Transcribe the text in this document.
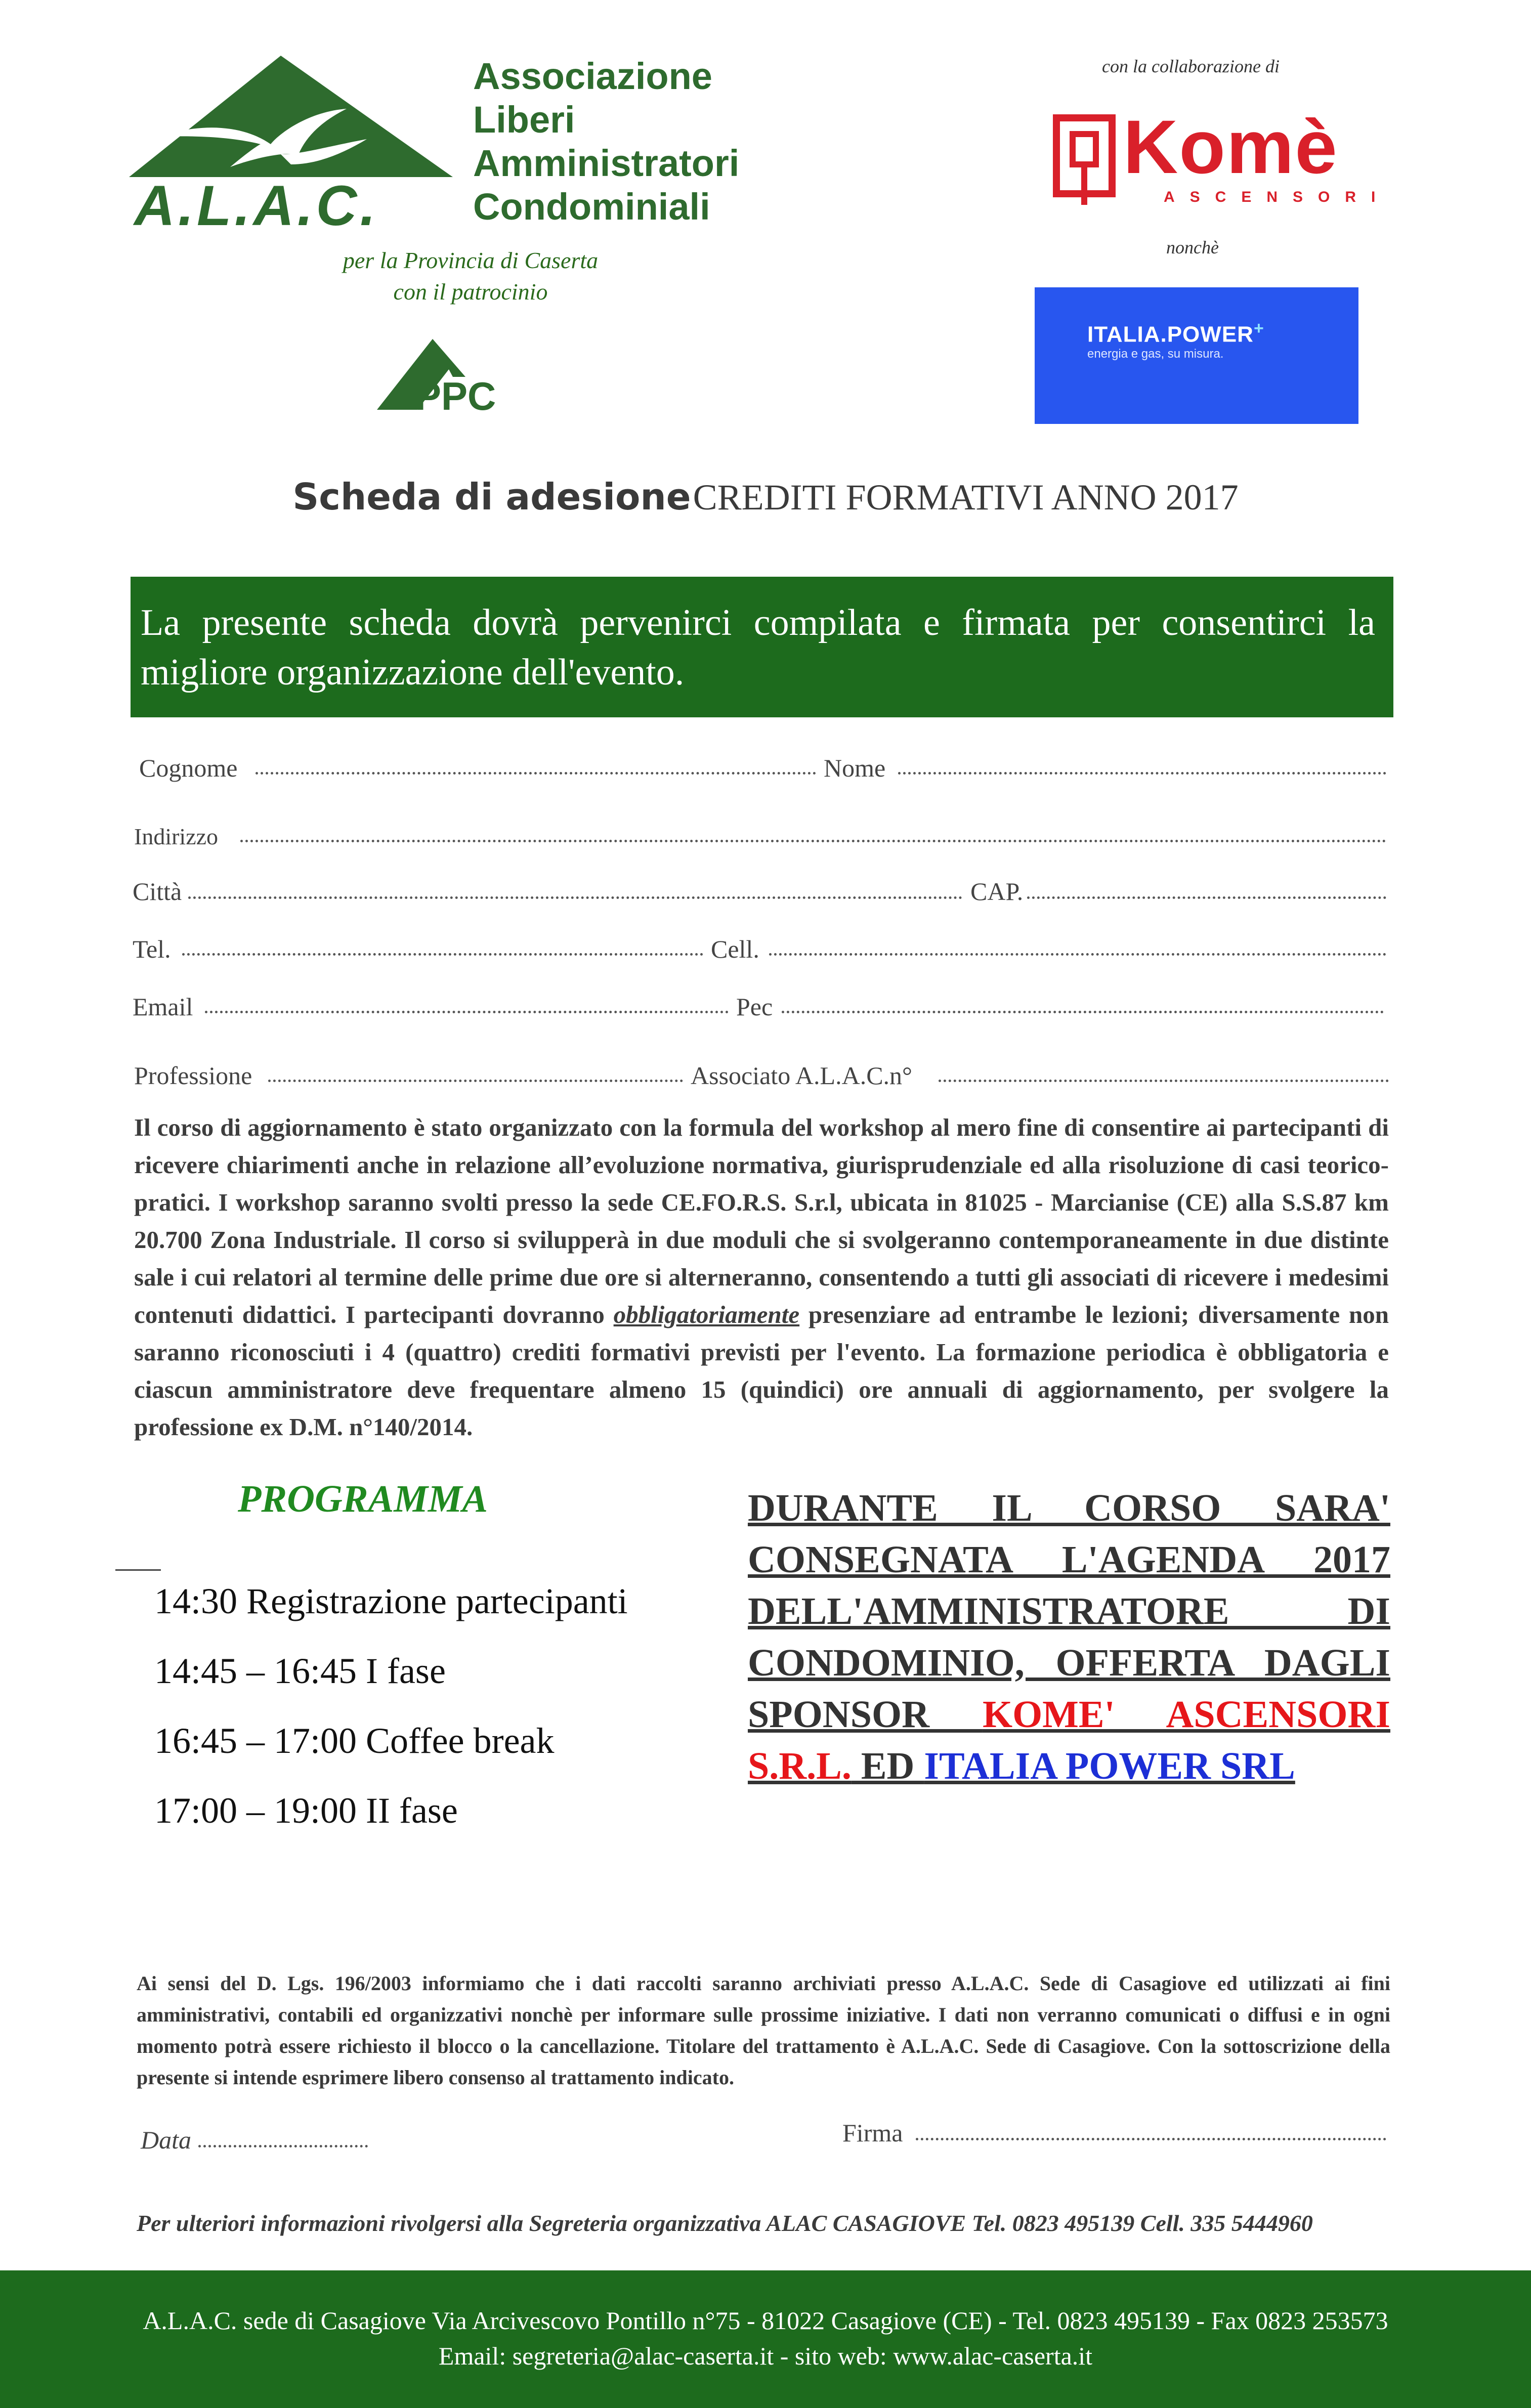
A.L.A.C.
Associazione
Liberi
Amministratori
Condominiali
per la Provincia di Caserta
con il patrocinio
PPC
con la collaborazione di
Komè
ASCENSORI
nonchè
ITALIA.POWER+
energia e gas, su misura.
Scheda di adesione CREDITI FORMATIVI ANNO 2017

La presente scheda dovrà pervenirci compilata e firmata per consentirci la migliore organizzazione dell'evento.

Cognome	Nome
Indirizzo
Città	CAP.
Tel.	Cell.
Email	Pec
Professione	Associato A.L.A.C.n°

Il corso di aggiornamento è stato organizzato con la formula del workshop al mero fine di consentire ai partecipanti di ricevere chiarimenti anche in relazione all’evoluzione normativa, giurisprudenziale ed alla risoluzione di casi teorico-pratici. I workshop saranno svolti presso la sede CE.FO.R.S. S.r.l, ubicata in 81025 - Marcianise (CE) alla S.S.87 km 20.700 Zona Industriale. Il corso si svilupperà in due moduli che si svolgeranno contemporaneamente in due distinte sale i cui relatori al termine delle prime due ore si alterneranno, consentendo a tutti gli associati di ricevere i medesimi contenuti didattici. I partecipanti dovranno obbligatoriamente presenziare ad entrambe le lezioni; diversamente non saranno riconosciuti i 4 (quattro) crediti formativi previsti per l'evento. La formazione periodica è obbligatoria e ciascun amministratore deve frequentare almeno 15 (quindici) ore annuali di aggiornamento, per svolgere la professione ex D.M. n°140/2014.

PROGRAMMA
14:30 Registrazione partecipanti
14:45 – 16:45 I fase
16:45 – 17:00 Coffee break
17:00 – 19:00 II fase

DURANTE IL CORSO SARA' CONSEGNATA L'AGENDA 2017 DELL'AMMINISTRATORE DI CONDOMINIO, OFFERTA DAGLI SPONSOR KOME' ASCENSORI S.R.L. ED ITALIA POWER SRL

Ai sensi del D. Lgs. 196/2003 informiamo che i dati raccolti saranno archiviati presso A.L.A.C. Sede di Casagiove ed utilizzati ai fini amministrativi, contabili ed organizzativi nonchè per informare sulle prossime iniziative. I dati non verranno comunicati o diffusi e in ogni momento potrà essere richiesto il blocco o la cancellazione. Titolare del trattamento è A.L.A.C. Sede di Casagiove. Con la sottoscrizione della presente si intende esprimere libero consenso al trattamento indicato.

Data	Firma
Per ulteriori informazioni rivolgersi alla Segreteria organizzativa ALAC CASAGIOVE Tel. 0823 495139 Cell. 335 5444960
A.L.A.C. sede di Casagiove Via Arcivescovo Pontillo n°75 - 81022 Casagiove (CE) - Tel. 0823 495139 - Fax 0823 253573
Email: segreteria@alac-caserta.it - sito web: www.alac-caserta.it
